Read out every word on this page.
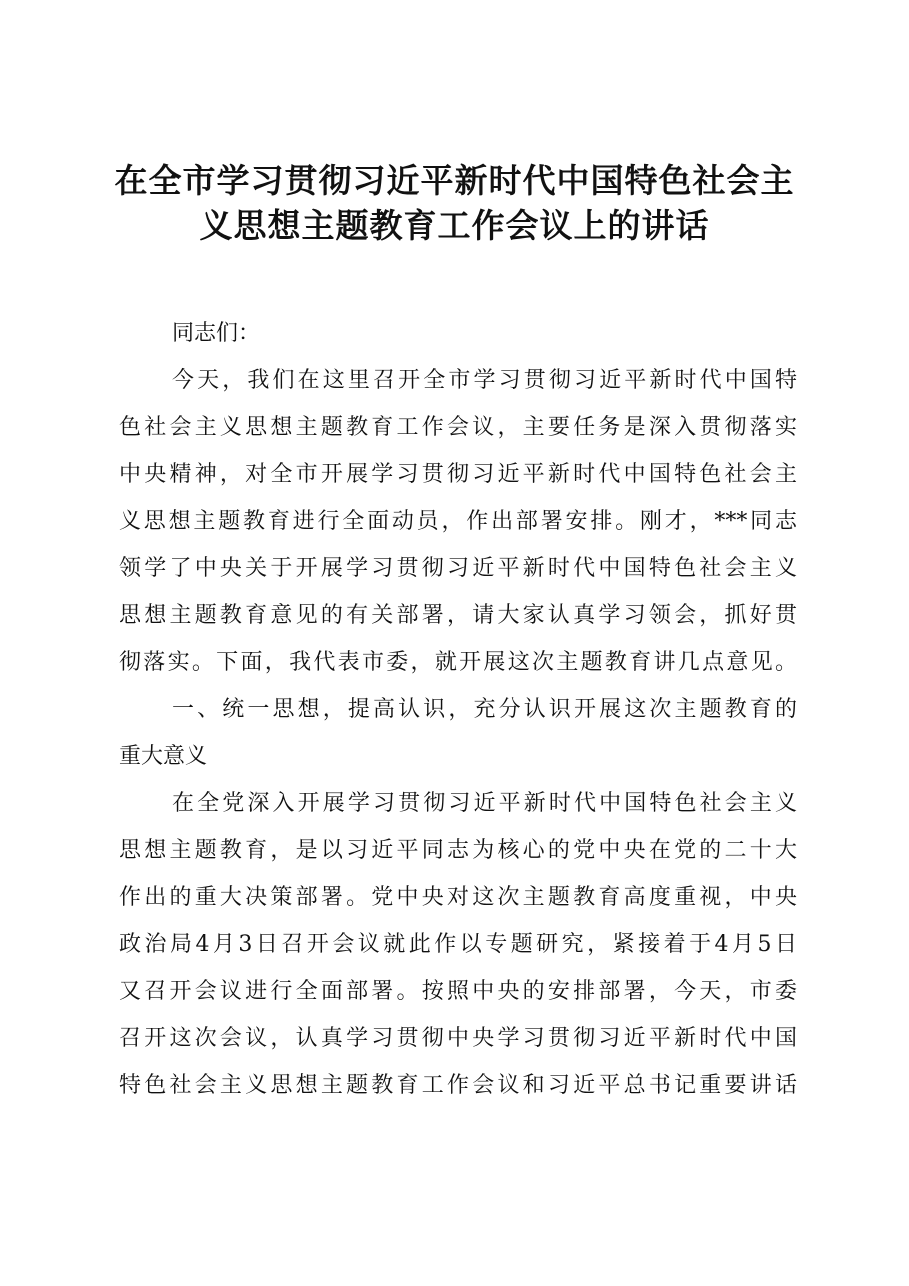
在全市学习贯彻习近平新时代中国特色社会主
义思想主题教育工作会议上的讲话

同志们：

今天，我们在这里召开全市学习贯彻习近平新时代中国特
色社会主义思想主题教育工作会议，主要任务是深入贯彻落实
中央精神，对全市开展学习贯彻习近平新时代中国特色社会主
义思想主题教育进行全面动员，作出部署安排。刚才，***同志
领学了中央关于开展学习贯彻习近平新时代中国特色社会主义
思想主题教育意见的有关部署，请大家认真学习领会，抓好贯
彻落实。下面，我代表市委，就开展这次主题教育讲几点意见。

一、统一思想，提高认识，充分认识开展这次主题教育的
重大意义

在全党深入开展学习贯彻习近平新时代中国特色社会主义
思想主题教育，是以习近平同志为核心的党中央在党的二十大
作出的重大决策部署。党中央对这次主题教育高度重视，中央
政治局4月3日召开会议就此作以专题研究，紧接着于4月5日
又召开会议进行全面部署。按照中央的安排部署，今天，市委
召开这次会议，认真学习贯彻中央学习贯彻习近平新时代中国
特色社会主义思想主题教育工作会议和习近平总书记重要讲话
